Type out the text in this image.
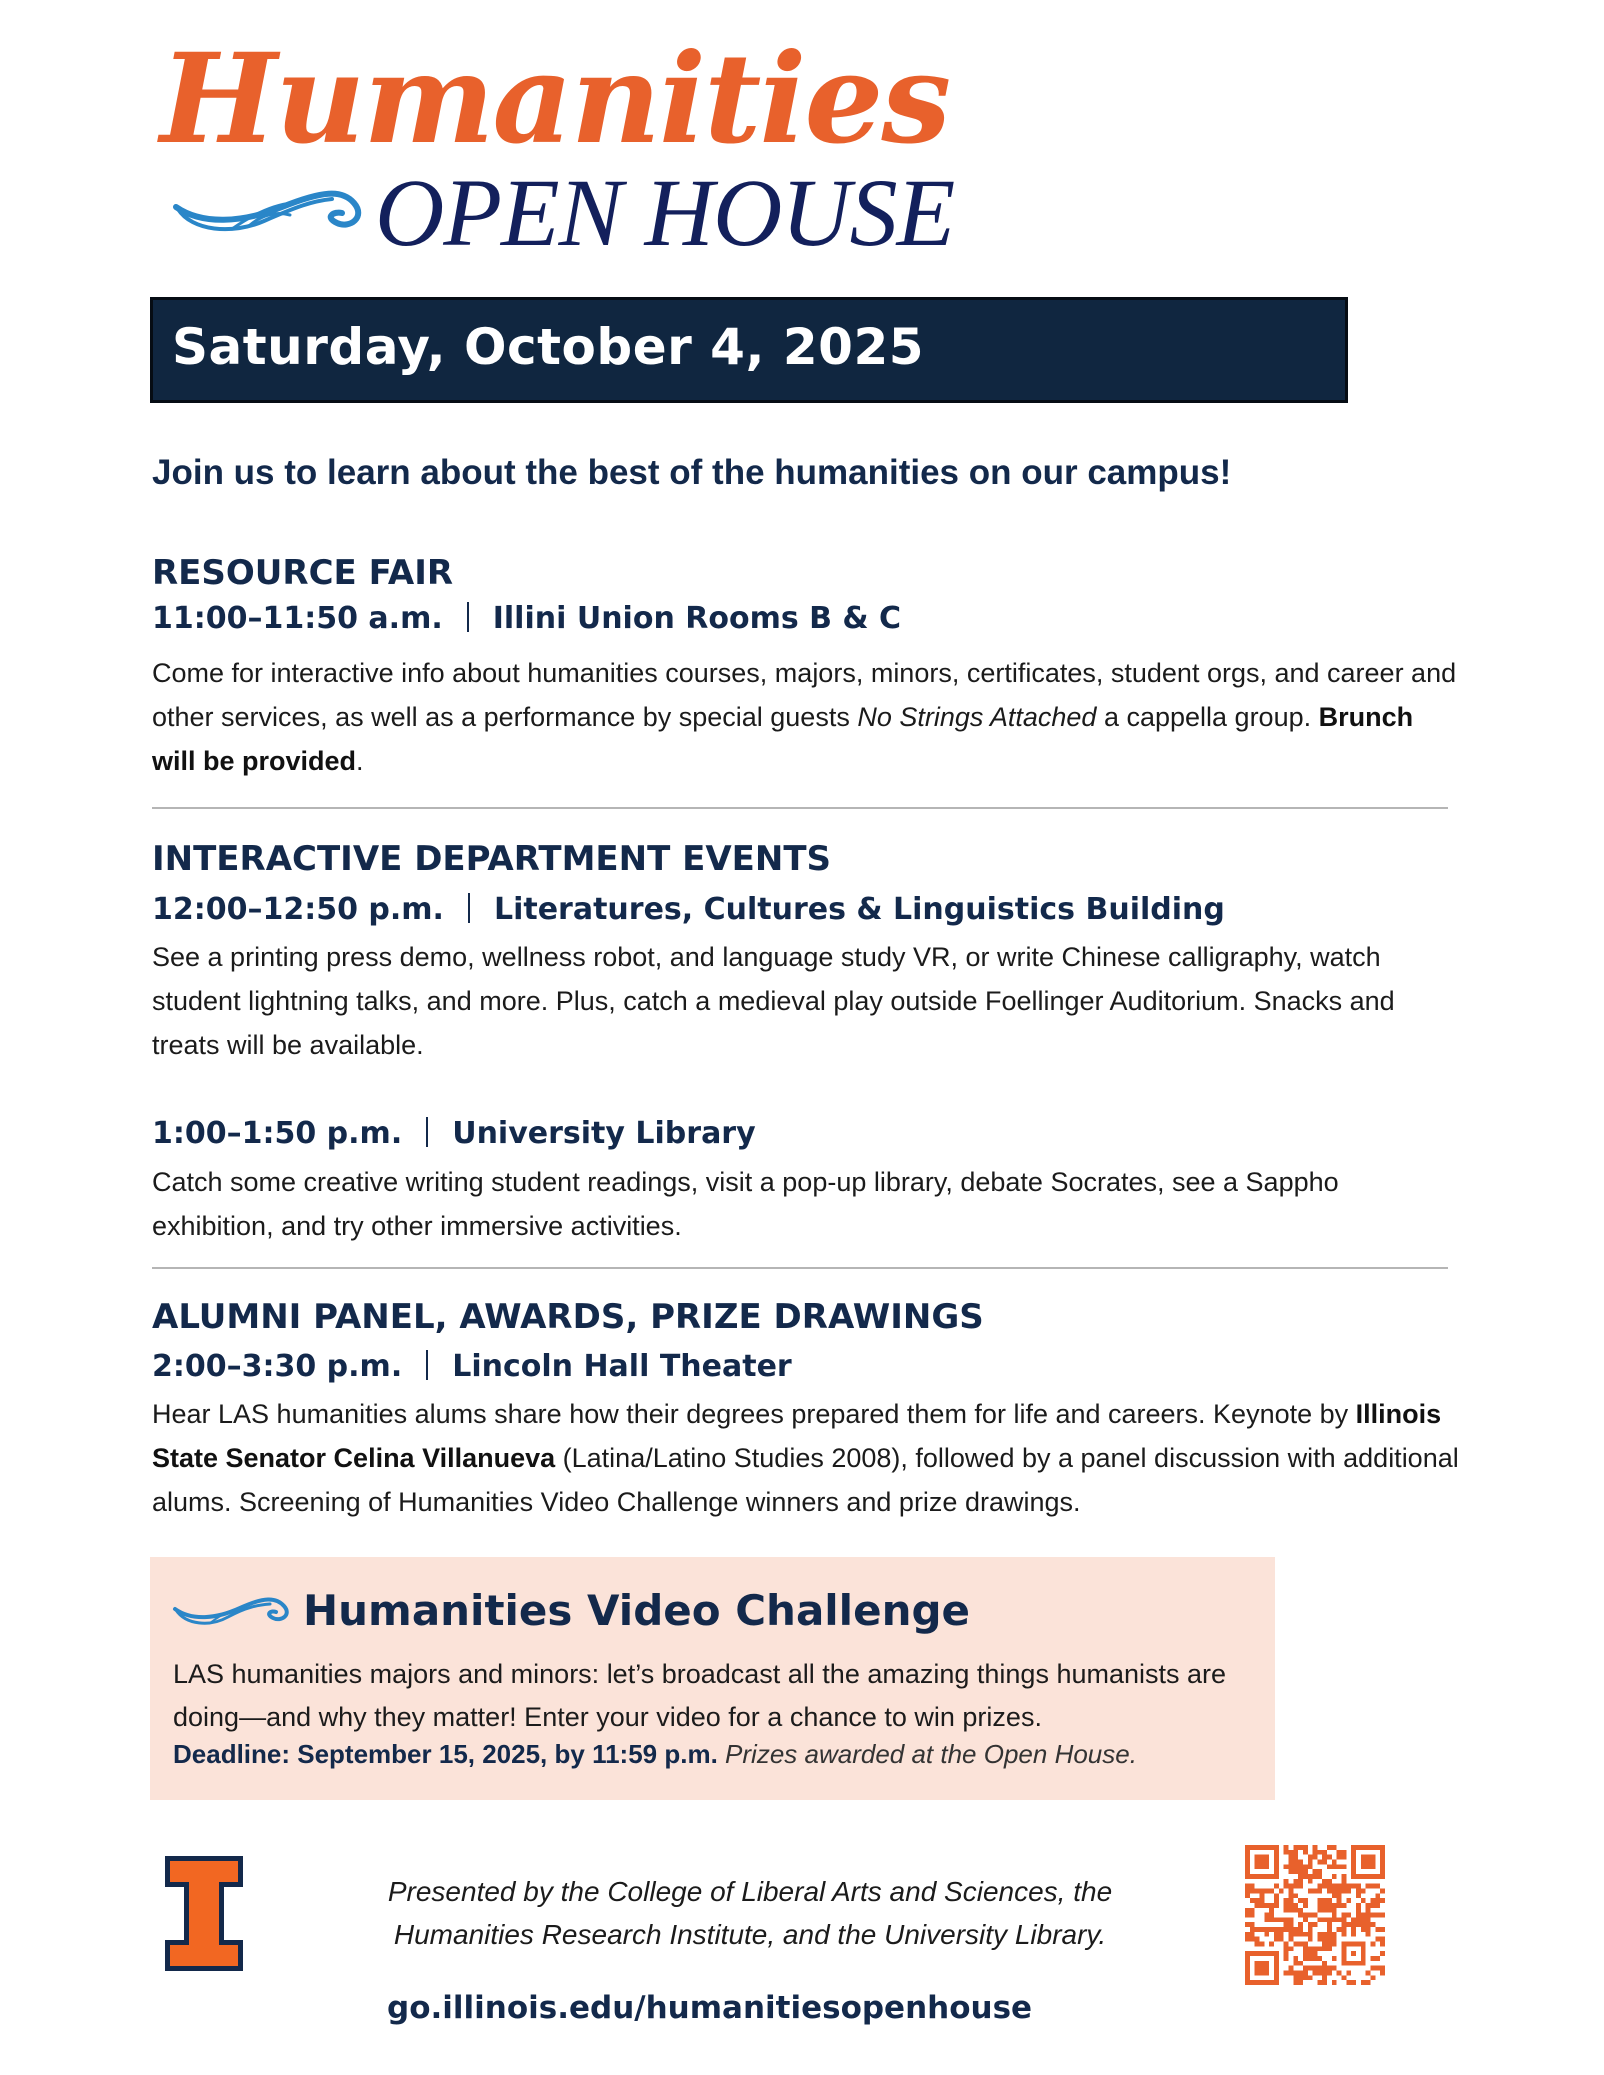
Humanities
OPEN HOUSE
Saturday, October 4, 2025
Join us to learn about the best of the humanities on our campus!
RESOURCE FAIR
11:00–11:50 a.m. Illini Union Rooms B & C
Come for interactive info about humanities courses, majors, minors, certificates, student orgs, and career and other services, as well as a performance by special guests No Strings Attached a cappella group. Brunch will be provided.
INTERACTIVE DEPARTMENT EVENTS
12:00–12:50 p.m. Literatures, Cultures & Linguistics Building
See a printing press demo, wellness robot, and language study VR, or write Chinese calligraphy, watch student lightning talks, and more. Plus, catch a medieval play outside Foellinger Auditorium. Snacks and treats will be available.
1:00–1:50 p.m. University Library
Catch some creative writing student readings, visit a pop-up library, debate Socrates, see a Sappho exhibition, and try other immersive activities.
ALUMNI PANEL, AWARDS, PRIZE DRAWINGS
2:00–3:30 p.m. Lincoln Hall Theater
Hear LAS humanities alums share how their degrees prepared them for life and careers. Keynote by Illinois State Senator Celina Villanueva (Latina/Latino Studies 2008), followed by a panel discussion with additional alums. Screening of Humanities Video Challenge winners and prize drawings.
Humanities Video Challenge
LAS humanities majors and minors: let’s broadcast all the amazing things humanists are doing—and why they matter! Enter your video for a chance to win prizes.
Deadline: September 15, 2025, by 11:59 p.m. Prizes awarded at the Open House.
Presented by the College of Liberal Arts and Sciences, the Humanities Research Institute, and the University Library.
go.illinois.edu/humanitiesopenhouse
